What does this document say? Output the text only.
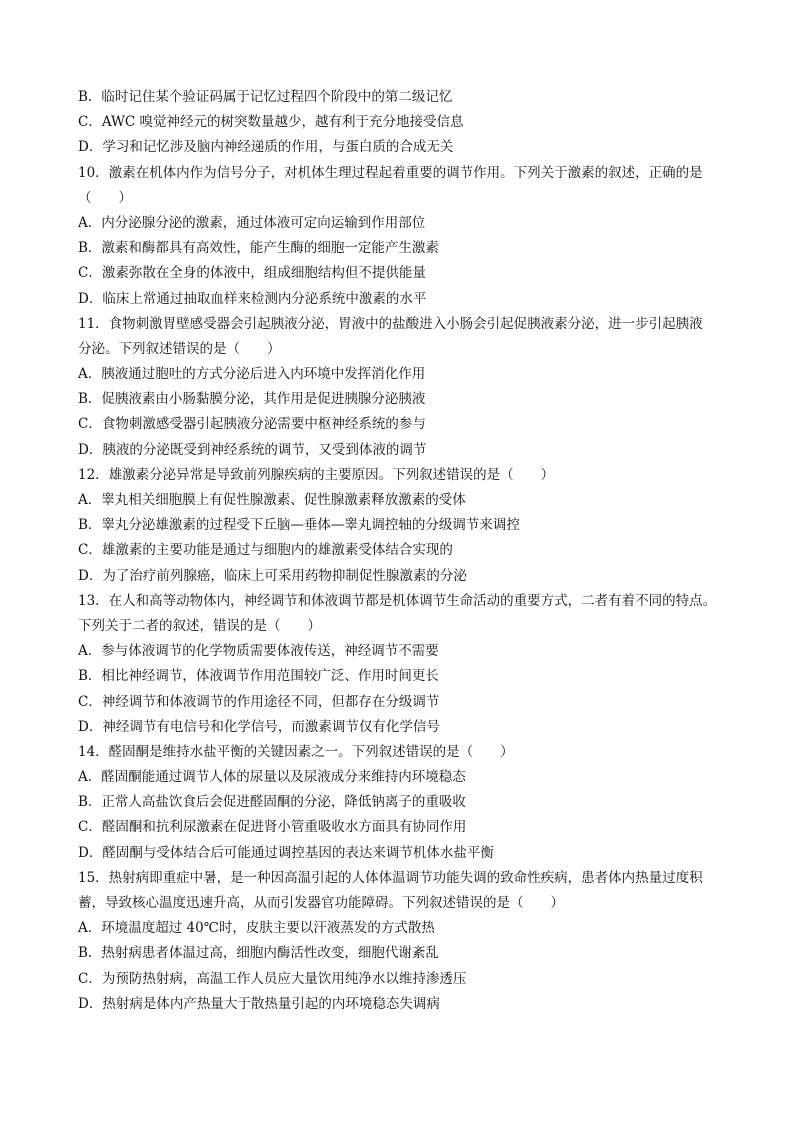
B．临时记住某个验证码属于记忆过程四个阶段中的第二级记忆
C．AWC 嗅觉神经元的树突数量越少，越有利于充分地接受信息
D．学习和记忆涉及脑内神经递质的作用，与蛋白质的合成无关
10．激素在机体内作为信号分子，对机体生理过程起着重要的调节作用。下列关于激素的叙述，正确的是
（　　）
A．内分泌腺分泌的激素，通过体液可定向运输到作用部位
B．激素和酶都具有高效性，能产生酶的细胞一定能产生激素
C．激素弥散在全身的体液中，组成细胞结构但不提供能量
D．临床上常通过抽取血样来检测内分泌系统中激素的水平
11．食物刺激胃壁感受器会引起胰液分泌，胃液中的盐酸进入小肠会引起促胰液素分泌，进一步引起胰液
分泌。下列叙述错误的是（　　）
A．胰液通过胞吐的方式分泌后进入内环境中发挥消化作用
B．促胰液素由小肠黏膜分泌，其作用是促进胰腺分泌胰液
C．食物刺激感受器引起胰液分泌需要中枢神经系统的参与
D．胰液的分泌既受到神经系统的调节，又受到体液的调节
12．雄激素分泌异常是导致前列腺疾病的主要原因。下列叙述错误的是（　　）
A．睾丸相关细胞膜上有促性腺激素、促性腺激素释放激素的受体
B．睾丸分泌雄激素的过程受下丘脑—垂体—睾丸调控轴的分级调节来调控
C．雄激素的主要功能是通过与细胞内的雄激素受体结合实现的
D．为了治疗前列腺癌，临床上可采用药物抑制促性腺激素的分泌
13．在人和高等动物体内，神经调节和体液调节都是机体调节生命活动的重要方式，二者有着不同的特点。
下列关于二者的叙述，错误的是（　　）
A．参与体液调节的化学物质需要体液传送，神经调节不需要
B．相比神经调节，体液调节作用范围较广泛、作用时间更长
C．神经调节和体液调节的作用途径不同，但都存在分级调节
D．神经调节有电信号和化学信号，而激素调节仅有化学信号
14．醛固酮是维持水盐平衡的关键因素之一。下列叙述错误的是（　　）
A．醛固酮能通过调节人体的尿量以及尿液成分来维持内环境稳态
B．正常人高盐饮食后会促进醛固酮的分泌，降低钠离子的重吸收
C．醛固酮和抗利尿激素在促进肾小管重吸收水方面具有协同作用
D．醛固酮与受体结合后可能通过调控基因的表达来调节机体水盐平衡
15．热射病即重症中暑，是一种因高温引起的人体体温调节功能失调的致命性疾病，患者体内热量过度积
蓄，导致核心温度迅速升高，从而引发器官功能障碍。下列叙述错误的是（　　）
A．环境温度超过 40℃时，皮肤主要以汗液蒸发的方式散热
B．热射病患者体温过高，细胞内酶活性改变，细胞代谢紊乱
C．为预防热射病，高温工作人员应大量饮用纯净水以维持渗透压
D．热射病是体内产热量大于散热量引起的内环境稳态失调病
